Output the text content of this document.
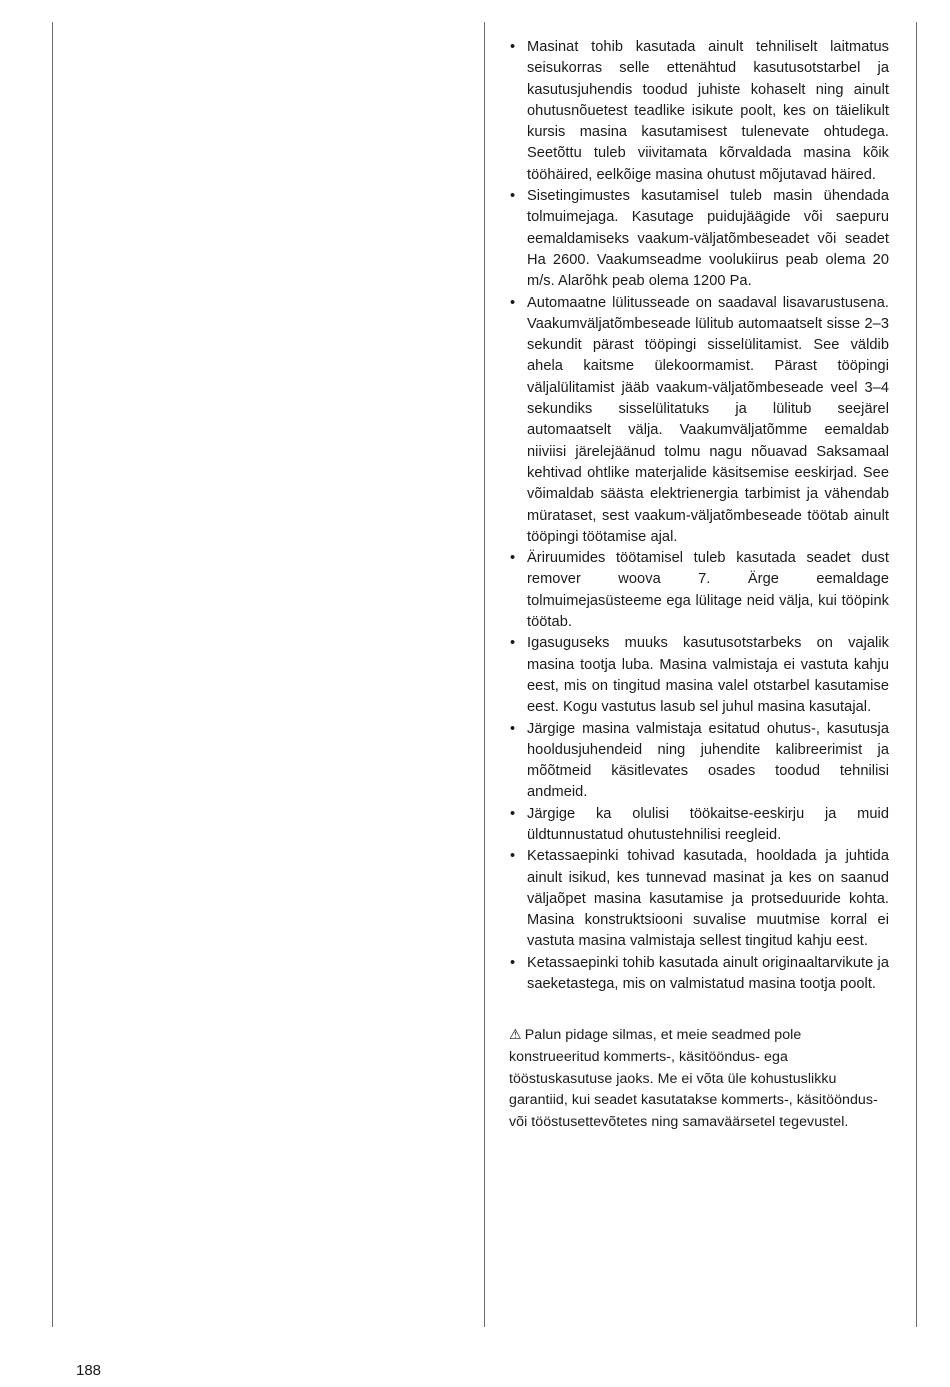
• Masinat tohib kasutada ainult tehniliselt laitmatus seisukorras selle ettenähtud kasutusotstarbel ja kasutusjuhendis toodud juhiste kohaselt ning ainult ohutusnõuetest teadlike isikute poolt, kes on täielikult kursis masina kasutamisest tulenevate ohtudega. Seetõttu tuleb viivitamata kõrvaldada masina kõik tööhäired, eelkõige masina ohutust mõjutavad häired.
• Sisetingimustes kasutamisel tuleb masin ühendada tolmuimejaga. Kasutage puidujäägide või saepuru eemaldamiseks vaakum-väljatõmbeseadet või seadet Ha 2600. Vaakumseadme voolukiirus peab olema 20 m/s. Alarõhk peab olema 1200 Pa.
• Automaatne lülitusseade on saadaval lisavarustusena. Vaakumväljatõmbeseade lülitub automaatselt sisse 2–3 sekundit pärast tööpingi sisselülitamist. See väldib ahela kaitsme ülekoormamist. Pärast tööpingi väljalülitamist jääb vaakum-väljatõmbeseade veel 3–4 sekundiks sisselülitatuks ja lülitub seejärel automaatselt välja. Vaakumväljatõmme eemaldab niiviisi järelejäänud tolmu nagu nõuavad Saksamaal kehtivad ohtlike materjalide käsitsemise eeskirjad. See võimaldab säästa elektrienergia tarbimist ja vähendab mürataset, sest vaakum-väljatõmbeseade töötab ainult tööpingi töötamise ajal.
• Äriruumides töötamisel tuleb kasutada seadet dust remover woova 7. Ärge eemaldage tolmuimejasüsteeme ega lülitage neid välja, kui tööpink töötab.
• Igasuguseks muuks kasutusotstarbeks on vajalik masina tootja luba. Masina valmistaja ei vastuta kahju eest, mis on tingitud masina valel otstarbel kasutamise eest. Kogu vastutus lasub sel juhul masina kasutajal.
• Järgige masina valmistaja esitatud ohutus-, kasutusja hooldusjuhendeid ning juhendite kalibreerimist ja mõõtmeid käsitlevates osades toodud tehnilisi andmeid.
• Järgige ka olulisi töökaitse-eeskirju ja muid üldtunnustatud ohutustehnilisi reegleid.
• Ketassaepinki tohivad kasutada, hooldada ja juhtida ainult isikud, kes tunnevad masinat ja kes on saanud väljaõpet masina kasutamise ja protseduuride kohta. Masina konstruktsiooni suvalise muutmise korral ei vastuta masina valmistaja sellest tingitud kahju eest.
• Ketassaepinki tohib kasutada ainult originaaltarvikute ja saeketastega, mis on valmistatud masina tootja poolt.

⚠ Palun pidage silmas, et meie seadmed pole konstrueeritud kommerts-, käsitööndus- ega tööstuskasutuse jaoks. Me ei võta üle kohustuslikku garantiid, kui seadet kasutatakse kommerts-, käsitööndus- või tööstusettevõtetes ning samaväärsetel tegevustel.

188
